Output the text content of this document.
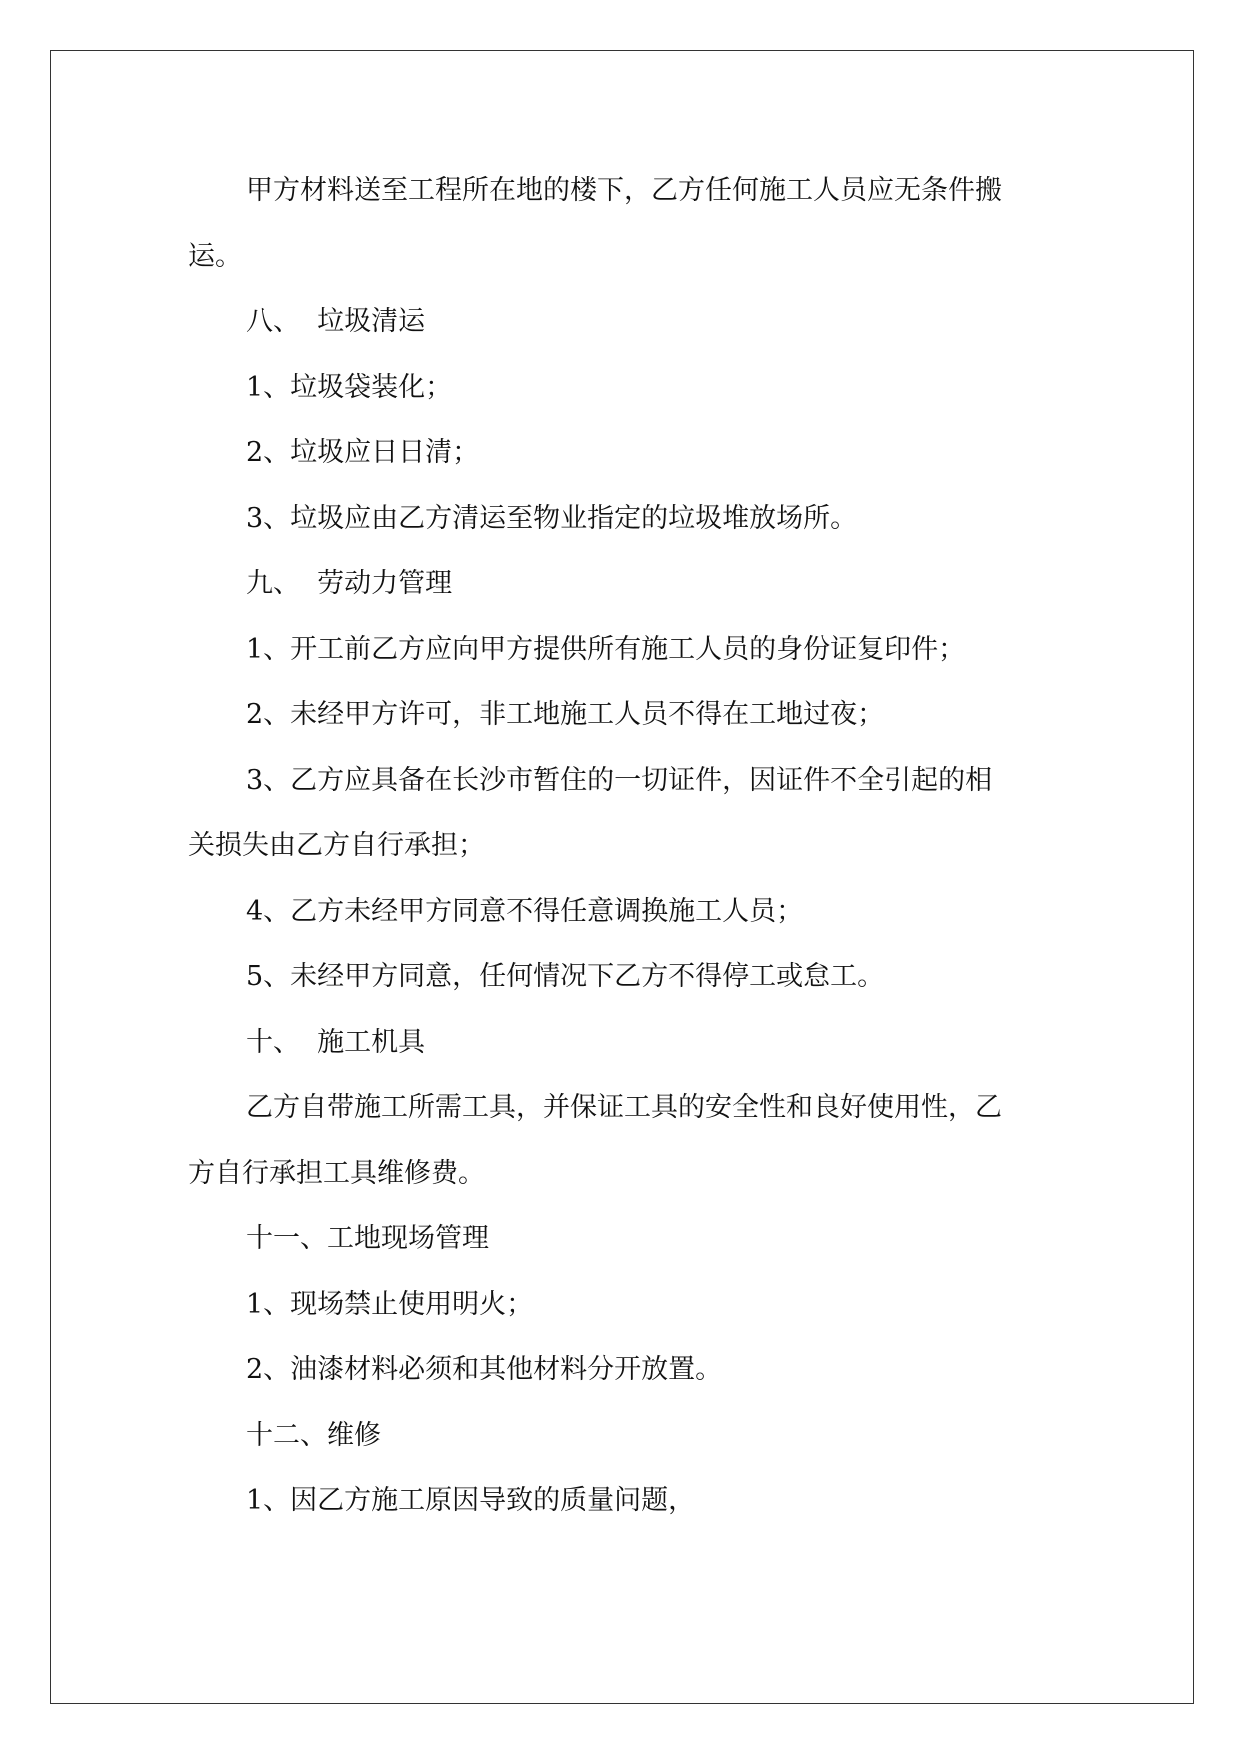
甲方材料送至工程所在地的楼下，乙方任何施工人员应无条件搬

运。

八、  垃圾清运

1、垃圾袋装化；

2、垃圾应日日清；

3、垃圾应由乙方清运至物业指定的垃圾堆放场所。

九、  劳动力管理

1、开工前乙方应向甲方提供所有施工人员的身份证复印件；

2、未经甲方许可，非工地施工人员不得在工地过夜；

3、乙方应具备在长沙市暂住的一切证件，因证件不全引起的相

关损失由乙方自行承担；

4、乙方未经甲方同意不得任意调换施工人员；

5、未经甲方同意，任何情况下乙方不得停工或怠工。

十、  施工机具

乙方自带施工所需工具，并保证工具的安全性和良好使用性，乙

方自行承担工具维修费。

十一、工地现场管理

1、现场禁止使用明火；

2、油漆材料必须和其他材料分开放置。

十二、维修

1、因乙方施工原因导致的质量问题，
